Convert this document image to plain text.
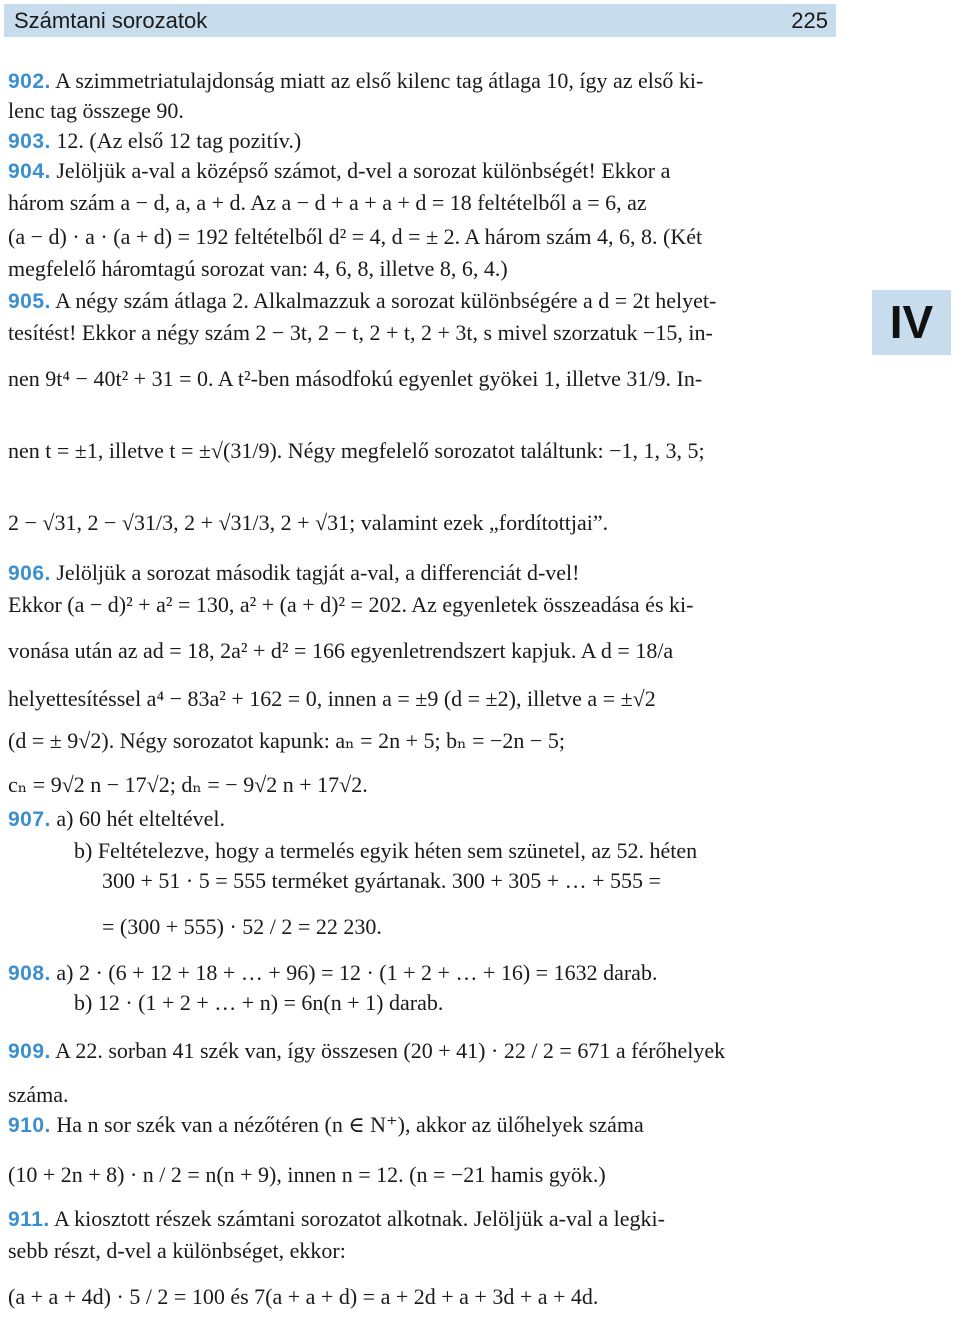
Számtani sorozatok	225
IV
902. A szimmetriatulajdonság miatt az első kilenc tag átlaga 10, így az első ki-
lenc tag összege 90.
903. 12. (Az első 12 tag pozitív.)
904. Jelöljük a-val a középső számot, d-vel a sorozat különbségét! Ekkor a
három szám a − d, a, a + d. Az a − d + a + a + d = 18 feltételből a = 6, az
(a − d) · a · (a + d) = 192 feltételből d² = 4, d = ± 2. A három szám 4, 6, 8. (Két
megfelelő háromtagú sorozat van: 4, 6, 8, illetve 8, 6, 4.)
905. A négy szám átlaga 2. Alkalmazzuk a sorozat különbségére a d = 2t helyet-
tesítést! Ekkor a négy szám 2 − 3t, 2 − t, 2 + t, 2 + 3t, s mivel szorzatuk −15, in-
nen 9t⁴ − 40t² + 31 = 0. A t²-ben másodfokú egyenlet gyökei 1, illetve 31/9. In-
nen t = ±1, illetve t = ±√(31/9). Négy megfelelő sorozatot találtunk: −1, 1, 3, 5;
2 − √31, 2 − √31/3, 2 + √31/3, 2 + √31; valamint ezek „fordítottjai”.
906. Jelöljük a sorozat második tagját a-val, a differenciát d-vel!
Ekkor (a − d)² + a² = 130, a² + (a + d)² = 202. Az egyenletek összeadása és ki-
vonása után az ad = 18, 2a² + d² = 166 egyenletrendszert kapjuk. A d = 18/a
helyettesítéssel a⁴ − 83a² + 162 = 0, innen a = ±9 (d = ±2), illetve a = ±√2
(d = ± 9√2). Négy sorozatot kapunk: aₙ = 2n + 5; bₙ = −2n − 5;
cₙ = 9√2 n − 17√2; dₙ = − 9√2 n + 17√2.
907. a) 60 hét elteltével.
b) Feltételezve, hogy a termelés egyik héten sem szünetel, az 52. héten
300 + 51 · 5 = 555 terméket gyártanak. 300 + 305 + … + 555 =
= (300 + 555) · 52 / 2 = 22 230.
908. a) 2 · (6 + 12 + 18 + … + 96) = 12 · (1 + 2 + … + 16) = 1632 darab.
b) 12 · (1 + 2 + … + n) = 6n(n + 1) darab.
909. A 22. sorban 41 szék van, így összesen (20 + 41) · 22 / 2 = 671 a férőhelyek
száma.
910. Ha n sor szék van a nézőtéren (n ∈ N⁺), akkor az ülőhelyek száma
(10 + 2n + 8) · n / 2 = n(n + 9), innen n = 12. (n = −21 hamis gyök.)
911. A kiosztott részek számtani sorozatot alkotnak. Jelöljük a-val a legki-
sebb részt, d-vel a különbséget, ekkor:
(a + a + 4d) · 5 / 2 = 100 és 7(a + a + d) = a + 2d + a + 3d + a + 4d.
